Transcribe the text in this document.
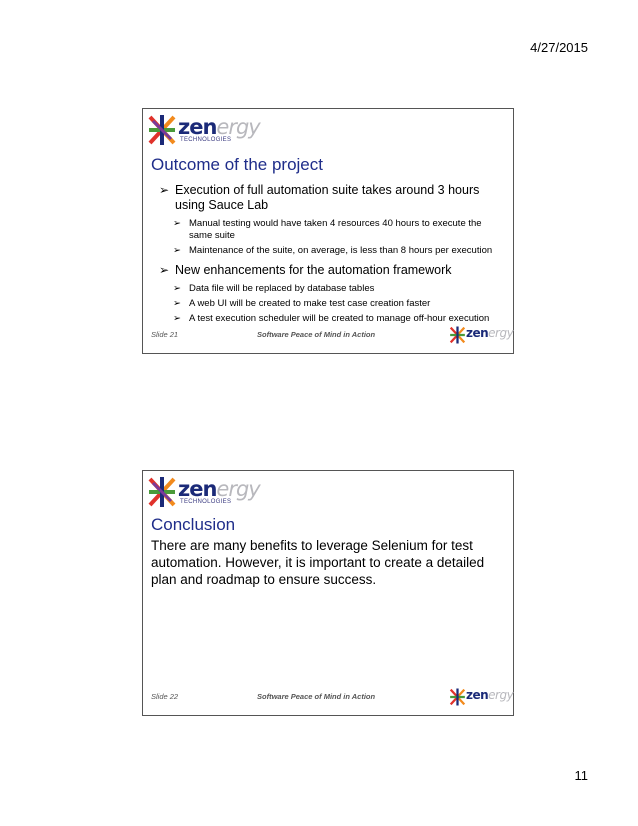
4/27/2015
zenergy
TECHNOLOGIES
Outcome of the project
➢ Execution of full automation suite takes around 3 hours using Sauce Lab
➢ Manual testing would have taken 4 resources 40 hours to execute the same suite
➢ Maintenance of the suite, on average, is less than 8 hours per execution
➢ New enhancements for the automation framework
➢ Data file will be replaced by database tables
➢ A web UI will be created to make test case creation faster
➢ A test execution scheduler will be created to manage off-hour execution
Slide 21	Software Peace of Mind in Action	zenergy
zenergy
TECHNOLOGIES
Conclusion
There are many benefits to leverage Selenium for test automation. However, it is important to create a detailed plan and roadmap to ensure success.
Slide 22	Software Peace of Mind in Action	zenergy
11
